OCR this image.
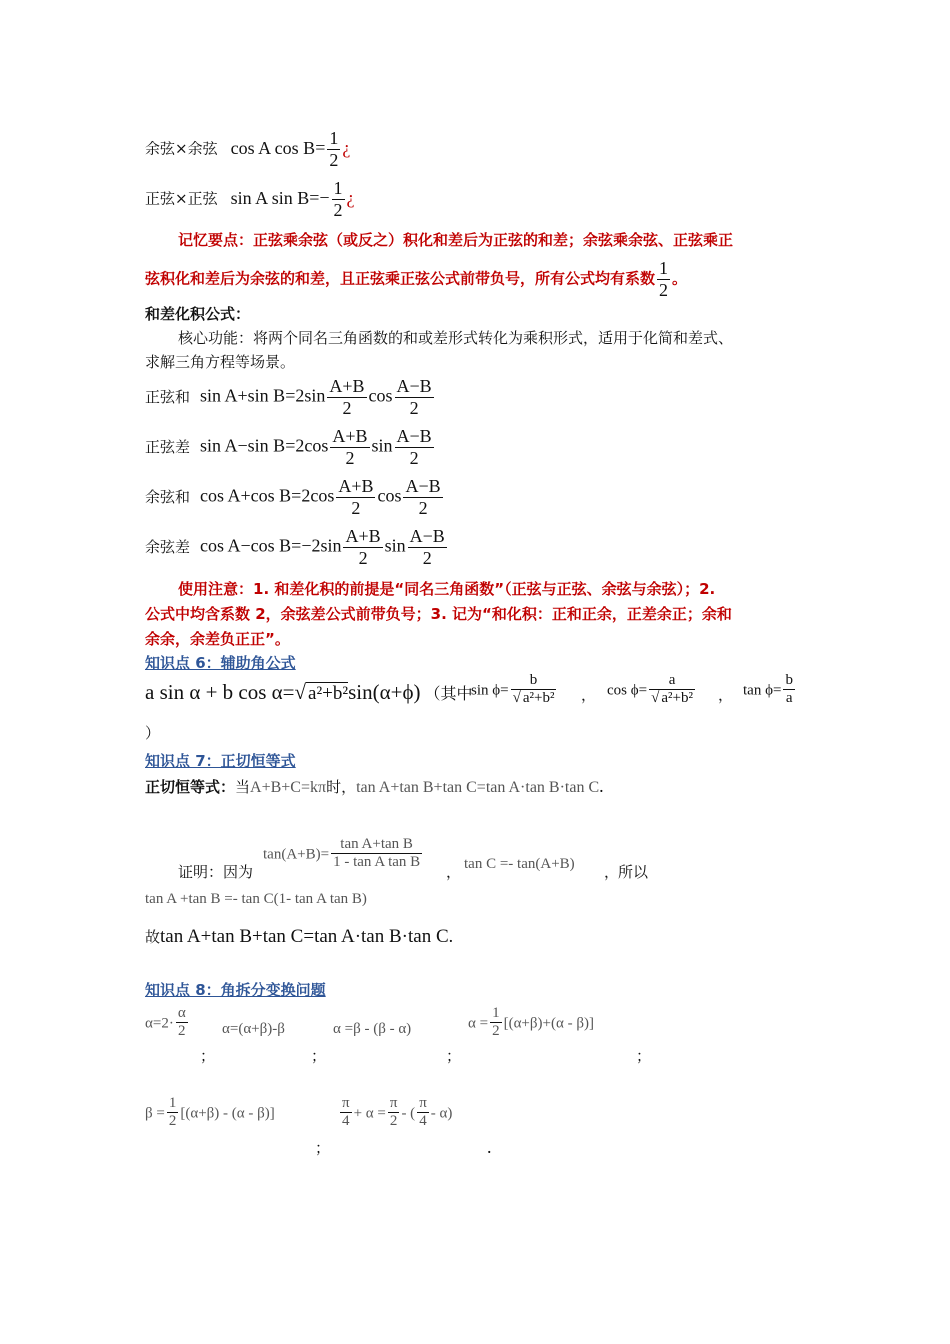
余弦×余弦 cos A $\cos B= \frac{1}{2}$ ¿
正弦×正弦 sin A $\sin B=- \frac{1}{2}$ ¿
记忆要点：正弦乘余弦（或反之）积化和差后为正弦的和差；余弦乘余弦、正弦乘正
弦积化和差后为余弦的和差，且正弦乘正弦公式前带负号，所有公式均有系数 $\frac{1}{2}$ 。
和差化积公式：
核心功能：将两个同名三角函数的和或差形式转化为乘积形式，适用于化简和差式、
求解三角方程等场景。
正弦和 sin A+sin $B=2\sin \frac{A+B}{2}$ $\cos \frac{A-B}{2}$
正弦差 sin A−sin $B=2\cos \frac{A+B}{2}$ $\sin \frac{A-B}{2}$
余弦和 cos A+cos $B=2\cos \frac{A+B}{2}$ $\cos \frac{A-B}{2}$
余弦差 cos A−cos $B=-2\sin \frac{A+B}{2}$ $\sin \frac{A-B}{2}$
使用注意：1. 和差化积的前提是“同名三角函数”（正弦与正弦、余弦与余弦）；2.
公式中均含系数 2，余弦差公式前带负号；3. 记为“和化积：正和正余，正差余正；余和
余余，余差负正正”。
知识点 6：辅助角公式
a sin α + b cos α=√ a²+b²sin(α+ϕ) （其中
$\sin \phi= \frac{b}{\text{√ a²+b²}}$ ， $\cos \phi= \frac{a}{\text{√ a²+b²}}$ ， $\tan \phi= \frac{b}{a}$
）
知识点 7：正切恒等式
正切恒等式：当A+B+C=kπ时，tan A+tan B+tan C=tan A·tan B·tan C.
证明：因为
$\tan(A+B)= \frac{\text{tan A+tan B}}{\text{1 - tan A tan B}}$
， tan C =- tan(A+B) ，
所以
tan A +tan B =- tan C(1- tan A tan B)
故tan A+tan B+tan C=tan A·tan B·tan C.
知识点 8：角拆分变换问题
$\alpha=2\cdot \frac{\alpha}{2} \alpha=(\alpha+\beta)-\beta$	α =β - (β - α)	$\alpha = \frac{1}{2} [(\alpha+\beta)+(\alpha - \beta)]$
；	；	；	；
$\beta = \frac{1}{2} [(\alpha+\beta) - (\alpha - \beta)]$	$\frac{\pi}{4} + \alpha = \frac{\pi}{2}$ - ( $\frac{\pi}{4} - \alpha$)
；	.
